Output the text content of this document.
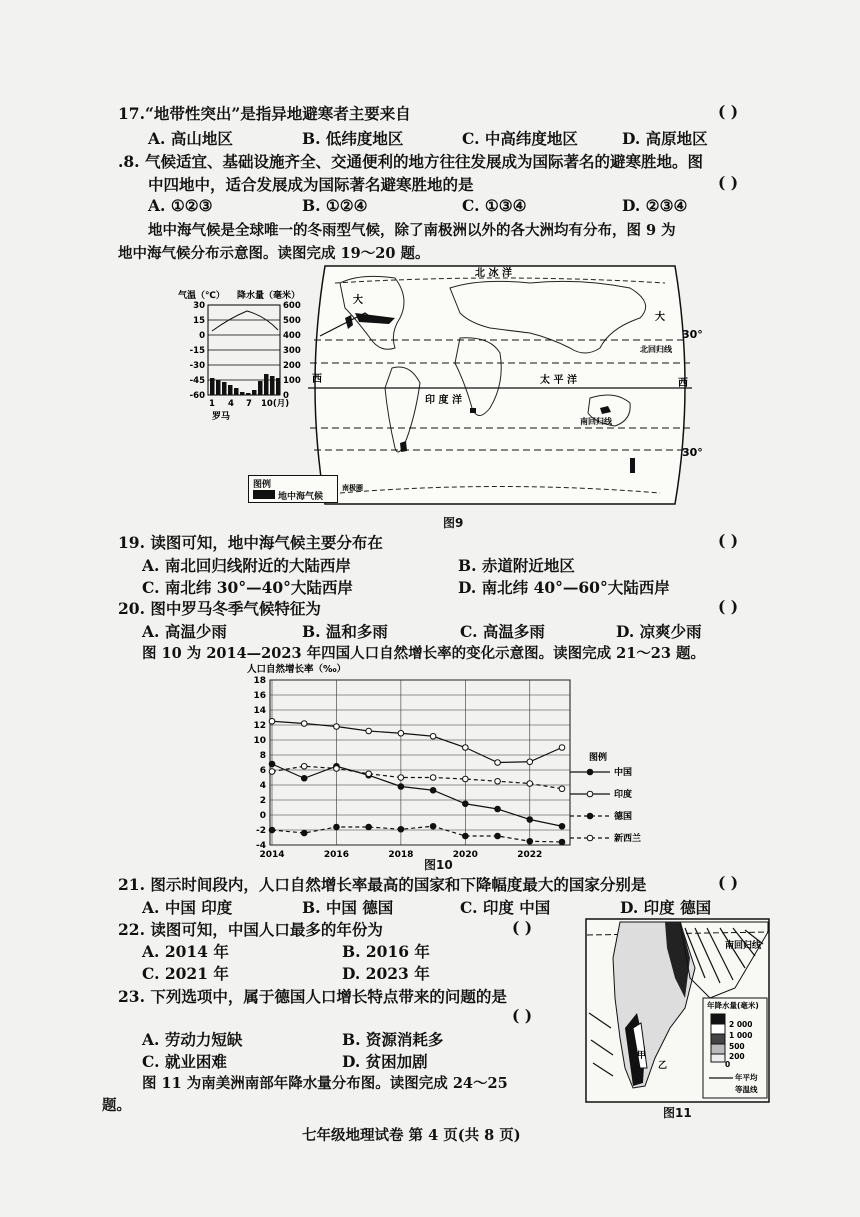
17.“地带性突出”是指异地避寒者主要来自	( )
A. 高山地区	B. 低纬度地区	C. 中高纬度地区	D. 高原地区
.8. 气候适宜、基础设施齐全、交通便利的地方往往发展成为国际著名的避寒胜地。图
中四地中，适合发展成为国际著名避寒胜地的是	( )
A. ①②③	B. ①②④	C. ①③④	D. ②③④
地中海气候是全球唯一的冬雨型气候，除了南极洲以外的各大洲均有分布，图 9 为
地中海气候分布示意图。读图完成 19～20 题。
气温（℃） 降水量（毫米）
30
15
0
-15
-30
-45
-60
600
500
400
300
200
100
0
1 4 7 10(月)
罗马
北 冰 洋
大
大
太 平 洋
印 度 洋
西	西
北回归线
南回归线
30°
30°
南极圈
图例
地中海气候
图9
19. 读图可知，地中海气候主要分布在	( )
A. 南北回归线附近的大陆西岸	B. 赤道附近地区
C. 南北纬 30°—40°大陆西岸	D. 南北纬 40°—60°大陆西岸
20. 图中罗马冬季气候特征为	( )
A. 高温少雨	B. 温和多雨	C. 高温多雨	D. 凉爽少雨
图 10 为 2014—2023 年四国人口自然增长率的变化示意图。读图完成 21～23 题。
人口自然增长率（‰）
18
16
14
12
10
8
6
4
2
0
-2
-4
2014	2016	2018	2020	2022
图例
中国
印度
德国
新西兰
图10
21. 图示时间段内，人口自然增长率最高的国家和下降幅度最大的国家分别是	( )
A. 中国 印度	B. 中国 德国	C. 印度 中国	D. 印度 德国
22. 读图可知，中国人口最多的年份为	( )
A. 2014 年	B. 2016 年
C. 2021 年	D. 2023 年
23. 下列选项中，属于德国人口增长特点带来的问题的是
( )
A. 劳动力短缺	B. 资源消耗多
C. 就业困难	D. 贫困加剧
图 11 为南美洲南部年降水量分布图。读图完成 24～25
题。
南回归线
甲
乙
年降水量(毫米)
2 000
1 000
500
200
0
年平均
等温线
图11
七年级地理试卷 第 4 页(共 8 页)
